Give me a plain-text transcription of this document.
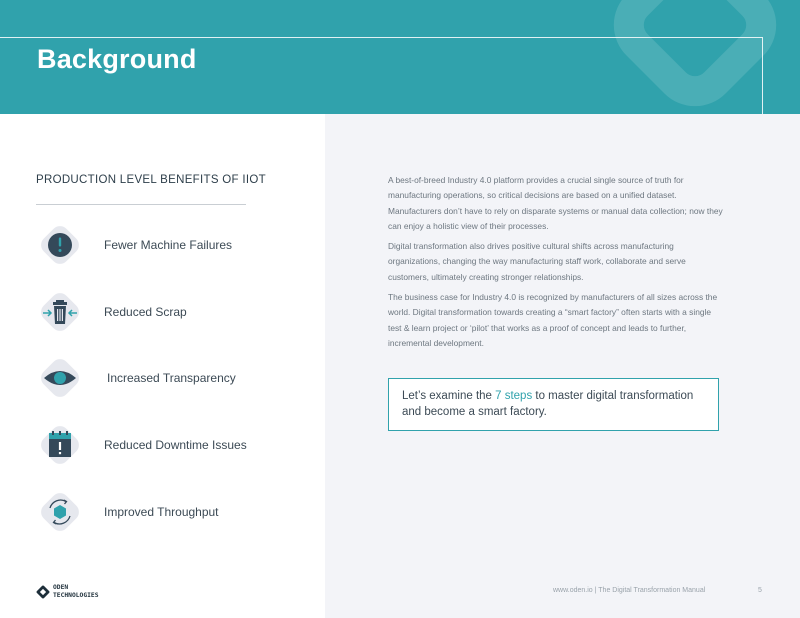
Background
PRODUCTION LEVEL BENEFITS OF IIOT
Fewer Machine Failures
Reduced Scrap
Increased Transparency
Reduced Downtime Issues
Improved Throughput

A best-of-breed Industry 4.0 platform provides a crucial single source of truth for manufacturing operations, so critical decisions are based on a unified dataset. Manufacturers don’t have to rely on disparate systems or manual data collection; now they can enjoy a holistic view of their processes.

Digital transformation also drives positive cultural shifts across manufacturing organizations, changing the way manufacturing staff work, collaborate and serve customers, ultimately creating stronger relationships.

The business case for Industry 4.0 is recognized by manufacturers of all sizes across the world. Digital transformation towards creating a “smart factory” often starts with a single test & learn project or ‘pilot’ that works as a proof of concept and leads to further, incremental development.

Let’s examine the 7 steps to master digital transformation and become a smart factory.
ODEN
TECHNOLOGIES
www.oden.io | The Digital Transformation Manual	5
